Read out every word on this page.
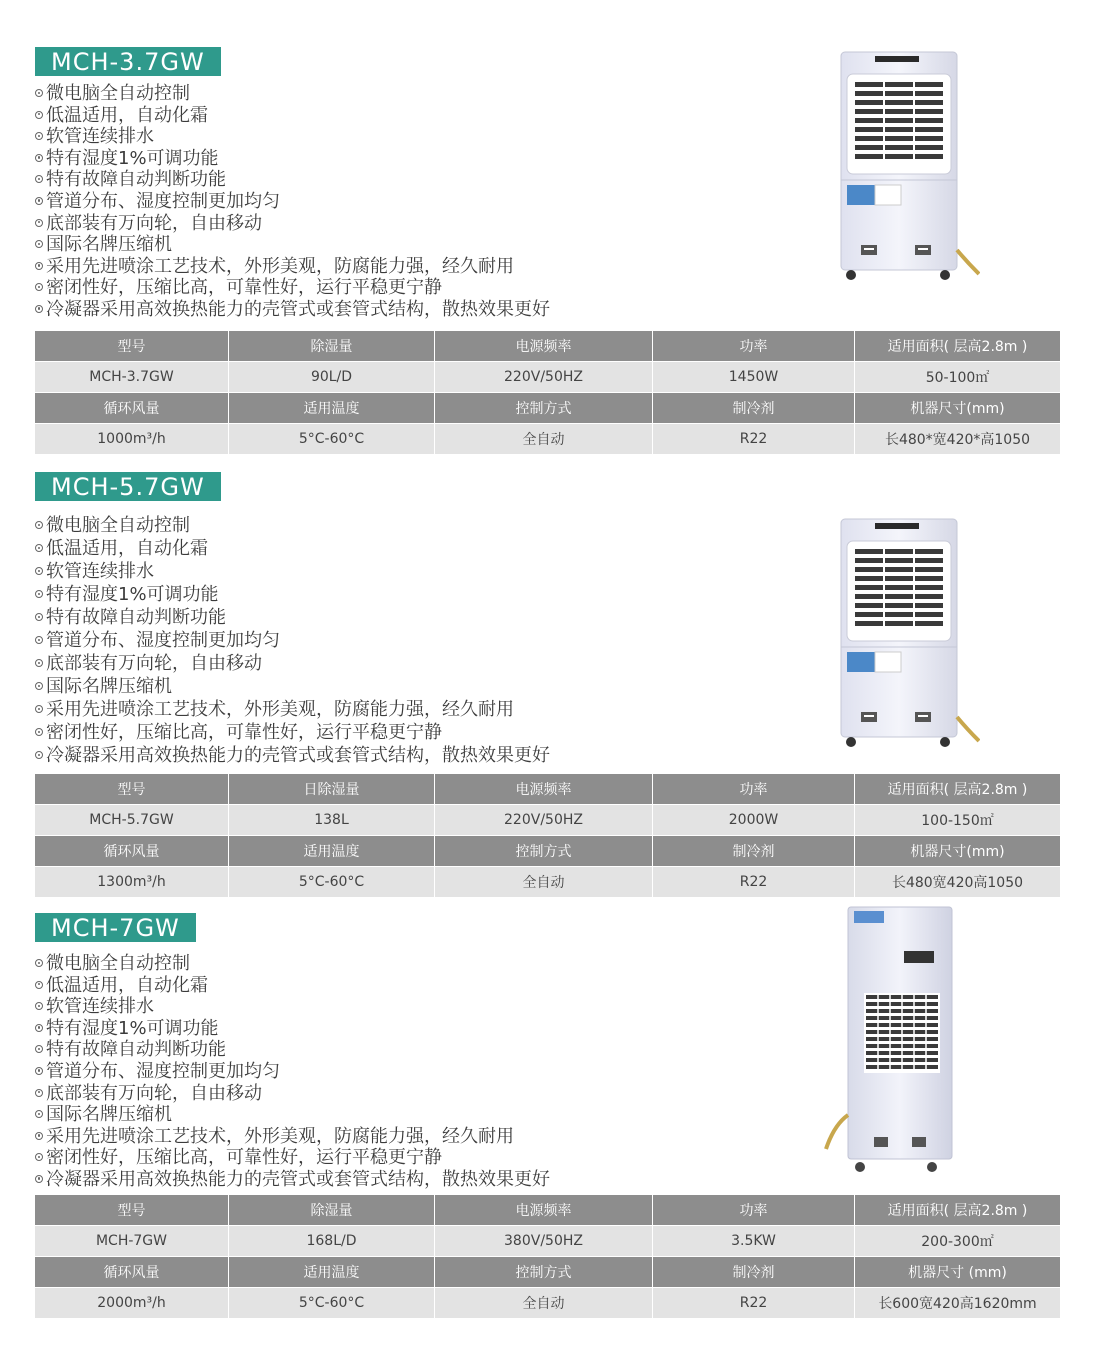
MCH-3.7GW
微电脑全自动控制
低温适用，自动化霜
软管连续排水
特有湿度1%可调功能
特有故障自动判断功能
管道分布、湿度控制更加均匀
底部装有万向轮，自由移动
国际名牌压缩机
采用先进喷涂工艺技术，外形美观，防腐能力强，经久耐用
密闭性好，压缩比高，可靠性好，运行平稳更宁静
冷凝器采用高效换热能力的壳管式或套管式结构，散热效果更好
型号	除湿量	电源频率	功率	适用面积( 层高2.8m )
MCH-3.7GW	90L/D	220V/50HZ	1450W	50-100㎡
循环风量	适用温度	控制方式	制冷剂	机器尺寸(mm)
1000m³/h	5°C-60°C	全自动	R22	长480*宽420*高1050
MCH-5.7GW
微电脑全自动控制
低温适用，自动化霜
软管连续排水
特有湿度1%可调功能
特有故障自动判断功能
管道分布、湿度控制更加均匀
底部装有万向轮，自由移动
国际名牌压缩机
采用先进喷涂工艺技术，外形美观，防腐能力强，经久耐用
密闭性好，压缩比高，可靠性好，运行平稳更宁静
冷凝器采用高效换热能力的壳管式或套管式结构，散热效果更好
型号	日除湿量	电源频率	功率	适用面积( 层高2.8m )
MCH-5.7GW	138L	220V/50HZ	2000W	100-150㎡
循环风量	适用温度	控制方式	制冷剂	机器尺寸(mm)
1300m³/h	5°C-60°C	全自动	R22	长480宽420高1050
MCH-7GW
微电脑全自动控制
低温适用，自动化霜
软管连续排水
特有湿度1%可调功能
特有故障自动判断功能
管道分布、湿度控制更加均匀
底部装有万向轮，自由移动
国际名牌压缩机
采用先进喷涂工艺技术，外形美观，防腐能力强，经久耐用
密闭性好，压缩比高，可靠性好，运行平稳更宁静
冷凝器采用高效换热能力的壳管式或套管式结构，散热效果更好
型号	除湿量	电源频率	功率	适用面积( 层高2.8m )
MCH-7GW	168L/D	380V/50HZ	3.5KW	200-300㎡
循环风量	适用温度	控制方式	制冷剂	机器尺寸 (mm)
2000m³/h	5°C-60°C	全自动	R22	长600宽420高1620mm
